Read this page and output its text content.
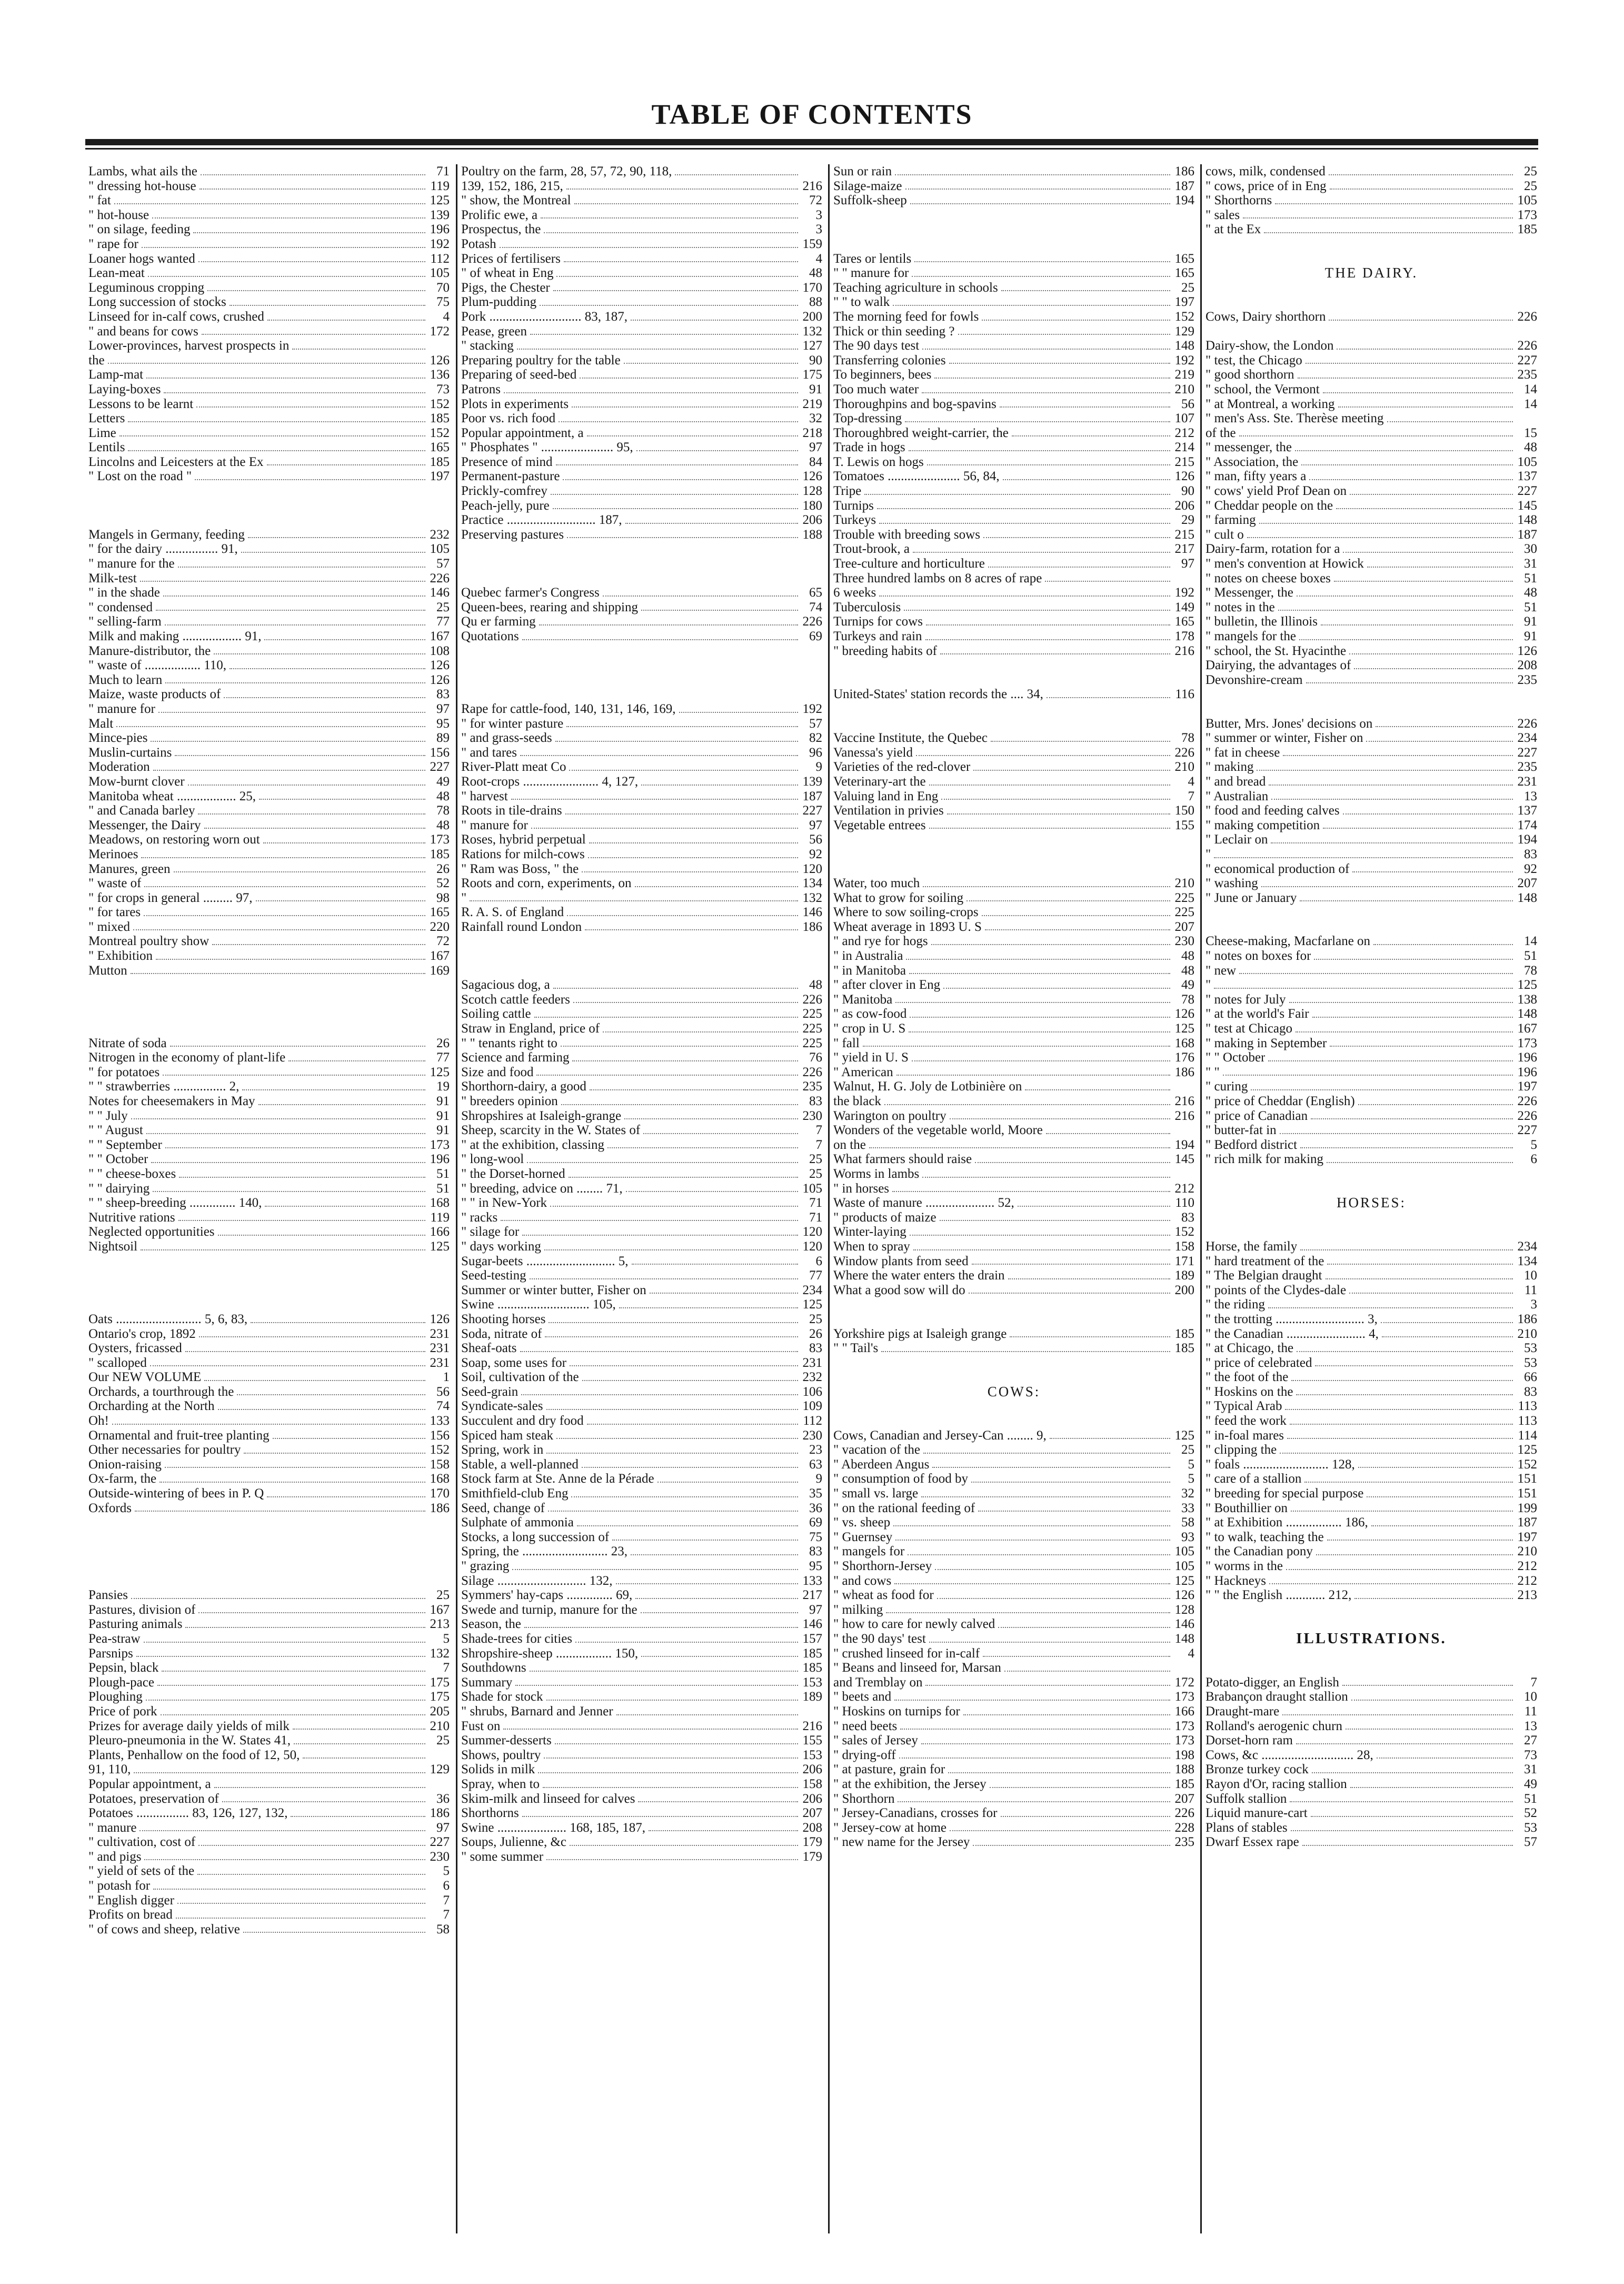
TABLE OF CONTENTS
Lambs, what ails the	71
" dressing hot-house	119
" fat	125
" hot-house	139
" on silage, feeding	196
" rape for	192
Loaner hogs wanted	112
Lean-meat	105
Leguminous cropping	70
Long succession of stocks	75
Linseed for in-calf cows, crushed	4
" and beans for cows	172
Lower-provinces, harvest prospects in
the	126
Lamp-mat	136
Laying-boxes	73
Lessons to be learnt	152
Letters	185
Lime	152
Lentils	165
Lincolns and Leicesters at the Ex	185
" Lost on the road "	197
Mangels in Germany, feeding	232
" for the dairy ................ 91,	105
" manure for the	57
Milk-test	226
" in the shade	146
" condensed	25
" selling-farm	77
Milk and making .................. 91,	167
Manure-distributor, the	108
" waste of ................. 110,	126
Much to learn	126
Maize, waste products of	83
" manure for	97
Malt	95
Mince-pies	89
Muslin-curtains	156
Moderation	227
Mow-burnt clover	49
Manitoba wheat .................. 25,	48
" and Canada barley	78
Messenger, the Dairy	48
Meadows, on restoring worn out	173
Merinoes	185
Manures, green	26
" waste of	52
" for crops in general ......... 97,	98
" for tares	165
" mixed	220
Montreal poultry show	72
" Exhibition	167
Mutton	169
Nitrate of soda	26
Nitrogen in the economy of plant-life	77
" for potatoes	125
" " strawberries ................ 2,	19
Notes for cheesemakers in May	91
" " July	91
" " August	91
" " September	173
" " October	196
" " cheese-boxes	51
" " dairying	51
" " sheep-breeding .............. 140,	168
Nutritive rations	119
Neglected opportunities	166
Nightsoil	125
Oats .......................... 5, 6, 83,	126
Ontario's crop, 1892	231
Oysters, fricassed	231
" scalloped	231
Our NEW VOLUME	1
Orchards, a tourthrough the	56
Orcharding at the North	74
Oh!	133
Ornamental and fruit-tree planting	156
Other necessaries for poultry	152
Onion-raising	158
Ox-farm, the	168
Outside-wintering of bees in P. Q	170
Oxfords	186
Pansies	25
Pastures, division of	167
Pasturing animals	213
Pea-straw	5
Parsnips	132
Pepsin, black	7
Plough-pace	175
Ploughing	175
Price of pork	205
Prizes for average daily yields of milk	210
Pleuro-pneumonia in the W. States 41,	25
Plants, Penhallow on the food of 12, 50,
91, 110,	129
Popular appointment, a
Potatoes, preservation of	36
Potatoes ................ 83, 126, 127, 132,	186
" manure	97
" cultivation, cost of	227
" and pigs	230
" yield of sets of the	5
" potash for	6
" English digger	7
Profits on bread	7
" of cows and sheep, relative	58
Poultry on the farm, 28, 57, 72, 90, 118,
139, 152, 186, 215,	216
" show, the Montreal	72
Prolific ewe, a	3
Prospectus, the	3
Potash	159
Prices of fertilisers	4
" of wheat in Eng	48
Pigs, the Chester	170
Plum-pudding	88
Pork ............................ 83, 187,	200
Pease, green	132
" stacking	127
Preparing poultry for the table	90
Preparing of seed-bed	175
Patrons	91
Plots in experiments	219
Poor vs. rich food	32
Popular appointment, a	218
" Phosphates " ...................... 95,	97
Presence of mind	84
Permanent-pasture	126
Prickly-comfrey	128
Peach-jelly, pure	180
Practice ........................... 187,	206
Preserving pastures	188
Quebec farmer's Congress	65
Queen-bees, rearing and shipping	74
Qu er farming	226
Quotations	69
Rape for cattle-food, 140, 131, 146, 169,	192
" for winter pasture	57
" and grass-seeds	82
" and tares	96
River-Platt meat Co	9
Root-crops ....................... 4, 127,	139
" harvest	187
Roots in tile-drains	227
" manure for	97
Roses, hybrid perpetual	56
Rations for milch-cows	92
" Ram was Boss, " the	120
Roots and corn, experiments, on	134
"	132
R. A. S. of England	146
Rainfall round London	186
Sagacious dog, a	48
Scotch cattle feeders	226
Soiling cattle	225
Straw in England, price of	225
" " tenants right to	225
Science and farming	76
Size and food	226
Shorthorn-dairy, a good	235
" breeders opinion	83
Shropshires at Isaleigh-grange	230
Sheep, scarcity in the W. States of	7
" at the exhibition, classing	7
" long-wool	25
" the Dorset-horned	25
" breeding, advice on ........ 71,	105
" " in New-York	71
" racks	71
" silage for	120
" days working	120
Sugar-beets ........................... 5,	6
Seed-testing	77
Summer or winter butter, Fisher on	234
Swine ............................ 105,	125
Shooting horses	25
Soda, nitrate of	26
Sheaf-oats	83
Soap, some uses for	231
Soil, cultivation of the	232
Seed-grain	106
Syndicate-sales	109
Succulent and dry food	112
Spiced ham steak	230
Spring, work in	23
Stable, a well-planned	63
Stock farm at Ste. Anne de la Pérade	9
Smithfield-club Eng	35
Seed, change of	36
Sulphate of ammonia	69
Stocks, a long succession of	75
Spring, the .......................... 23,	83
" grazing	95
Silage ........................... 132,	133
Symmers' hay-caps .............. 69,	217
Swede and turnip, manure for the	97
Season, the	146
Shade-trees for cities	157
Shropshire-sheep ................. 150,	185
Southdowns	185
Summary	153
Shade for stock	189
" shrubs, Barnard and Jenner
Fust on	216
Summer-desserts	155
Shows, poultry	153
Solids in milk	206
Spray, when to	158
Skim-milk and linseed for calves	206
Shorthorns	207
Swine ..................... 168, 185, 187,	208
Soups, Julienne, &c	179
" some summer	179
Sun or rain	186
Silage-maize	187
Suffolk-sheep	194
Tares or lentils	165
" " manure for	165
Teaching agriculture in schools	25
" " to walk	197
The morning feed for fowls	152
Thick or thin seeding ?	129
The 90 days test	148
Transferring colonies	192
To beginners, bees	219
Too much water	210
Thoroughpins and bog-spavins	56
Top-dressing	107
Thoroughbred weight-carrier, the	212
Trade in hogs	214
T. Lewis on hogs	215
Tomatoes ...................... 56, 84,	126
Tripe	90
Turnips	206
Turkeys	29
Trouble with breeding sows	215
Trout-brook, a	217
Tree-culture and horticulture	97
Three hundred lambs on 8 acres of rape
6 weeks	192
Tuberculosis	149
Turnips for cows	165
Turkeys and rain	178
" breeding habits of	216
United-States' station records the .... 34,	116
Vaccine Institute, the Quebec	78
Vanessa's yield	226
Varieties of the red-clover	210
Veterinary-art the	4
Valuing land in Eng	7
Ventilation in privies	150
Vegetable entrees	155
Water, too much	210
What to grow for soiling	225
Where to sow soiling-crops	225
Wheat average in 1893 U. S	207
" and rye for hogs	230
" in Australia	48
" in Manitoba	48
" after clover in Eng	49
" Manitoba	78
" as cow-food	126
" crop in U. S	125
" fall	168
" yield in U. S	176
" American	186
Walnut, H. G. Joly de Lotbinière on
the black	216
Warington on poultry	216
Wonders of the vegetable world, Moore
on the	194
What farmers should raise	145
Worms in lambs
" in horses	212
Waste of manure ..................... 52,	110
" products of maize	83
Winter-laying	152
When to spray	158
Window plants from seed	171
Where the water enters the drain	189
What a good sow will do	200
Yorkshire pigs at Isaleigh grange	185
" " Tail's	185
COWS:
Cows, Canadian and Jersey-Can ........ 9,	125
" vacation of the	25
" Aberdeen Angus	5
" consumption of food by	5
" small vs. large	32
" on the rational feeding of	33
" vs. sheep	58
" Guernsey	93
" mangels for	105
" Shorthorn-Jersey	105
" and cows	125
" wheat as food for	126
" milking	128
" how to care for newly calved	146
" the 90 days' test	148
" crushed linseed for in-calf	4
" Beans and linseed for, Marsan
and Tremblay on	172
" beets and	173
" Hoskins on turnips for	166
" need beets	173
" sales of Jersey	173
" drying-off	198
" at pasture, grain for	188
" at the exhibition, the Jersey	185
" Shorthorn	207
" Jersey-Canadians, crosses for	226
" Jersey-cow at home	228
" new name for the Jersey	235
cows, milk, condensed	25
" cows, price of in Eng	25
" Shorthorns	105
" sales	173
" at the Ex	185
THE DAIRY.
Cows, Dairy shorthorn	226
Dairy-show, the London	226
" test, the Chicago	227
" good shorthorn	235
" school, the Vermont	14
" at Montreal, a working	14
" men's Ass. Ste. Therèse meeting
of the	15
" messenger, the	48
" Association, the	105
" man, fifty years a	137
" cows' yield Prof Dean on	227
" Cheddar people on the	145
" farming	148
" cult o	187
Dairy-farm, rotation for a	30
" men's convention at Howick	31
" notes on cheese boxes	51
" Messenger, the	48
" notes in the	51
" bulletin, the Illinois	91
" mangels for the	91
" school, the St. Hyacinthe	126
Dairying, the advantages of	208
Devonshire-cream	235
Butter, Mrs. Jones' decisions on	226
" summer or winter, Fisher on	234
" fat in cheese	227
" making	235
" and bread	231
" Australian	13
" food and feeding calves	137
" making competition	174
" Leclair on	194
"	83
" economical production of	92
" washing	207
" June or January	148
Cheese-making, Macfarlane on	14
" notes on boxes for	51
" new	78
"	125
" notes for July	138
" at the world's Fair	148
" test at Chicago	167
" making in September	173
" " October	196
" "	196
" curing	197
" price of Cheddar (English)	226
" price of Canadian	226
" butter-fat in	227
" Bedford district	5
" rich milk for making	6
HORSES:
Horse, the family	234
" hard treatment of the	134
" The Belgian draught	10
" points of the Clydes-dale	11
" the riding	3
" the trotting ........................... 3,	186
" the Canadian ........................ 4,	210
" at Chicago, the	53
" price of celebrated	53
" the foot of the	66
" Hoskins on the	83
" Typical Arab	113
" feed the work	113
" in-foal mares	114
" clipping the	125
" foals .......................... 128,	152
" care of a stallion	151
" breeding for special purpose	151
" Bouthillier on	199
" at Exhibition ................. 186,	187
" to walk, teaching the	197
" the Canadian pony	210
" worms in the	212
" Hackneys	212
" " the English ............ 212,	213
ILLUSTRATIONS.
Potato-digger, an English	7
Brabançon draught stallion	10
Draught-mare	11
Rolland's aerogenic churn	13
Dorset-horn ram	27
Cows, &c ............................ 28,	73
Bronze turkey cock	31
Rayon d'Or, racing stallion	49
Suffolk stallion	51
Liquid manure-cart	52
Plans of stables	53
Dwarf Essex rape	57
